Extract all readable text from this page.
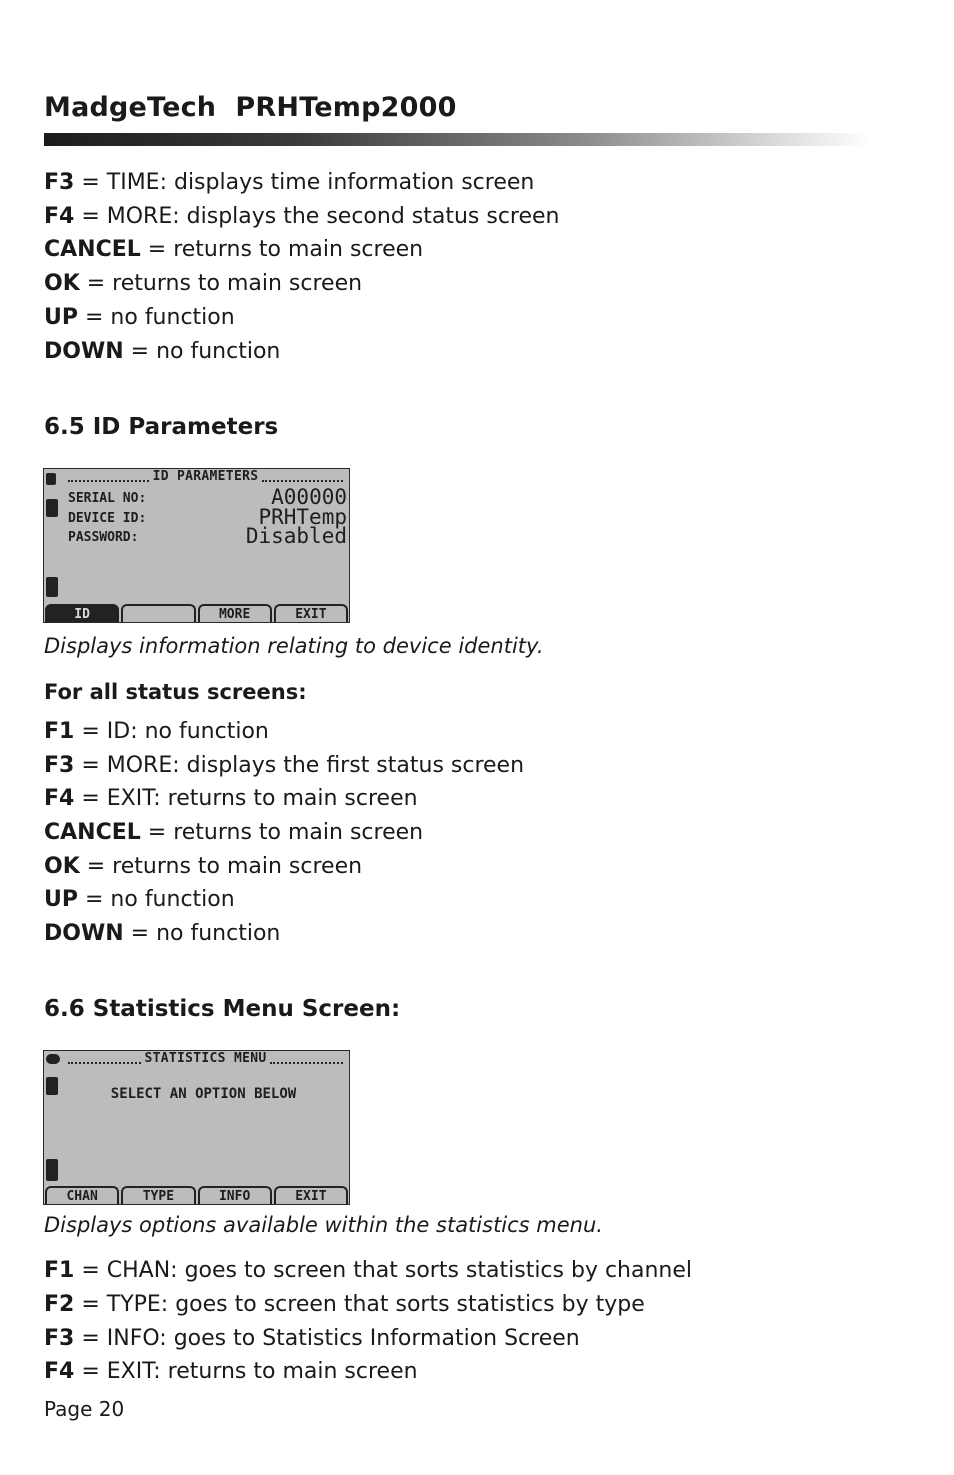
MadgeTech  PRHTemp2000
F3 = TIME: displays time information screen
F4 = MORE: displays the second status screen
CANCEL = returns to main screen
OK = returns to main screen
UP = no function
DOWN = no function
6.5 ID Parameters
ID PARAMETERS
SERIAL NO:	A00000
DEVICE ID:	PRHTemp
PASSWORD:	Disabled
ID	MORE	EXIT
Displays information relating to device identity.
For all status screens:
F1 = ID: no function
F3 = MORE: displays the first status screen
F4 = EXIT: returns to main screen
CANCEL = returns to main screen
OK = returns to main screen
UP = no function
DOWN = no function
6.6 Statistics Menu Screen:
STATISTICS MENU
SELECT AN OPTION BELOW
CHAN	TYPE	INFO	EXIT
Displays options available within the statistics menu.
F1 = CHAN: goes to screen that sorts statistics by channel
F2 = TYPE: goes to screen that sorts statistics by type
F3 = INFO: goes to Statistics Information Screen
F4 = EXIT: returns to main screen
Page 20
